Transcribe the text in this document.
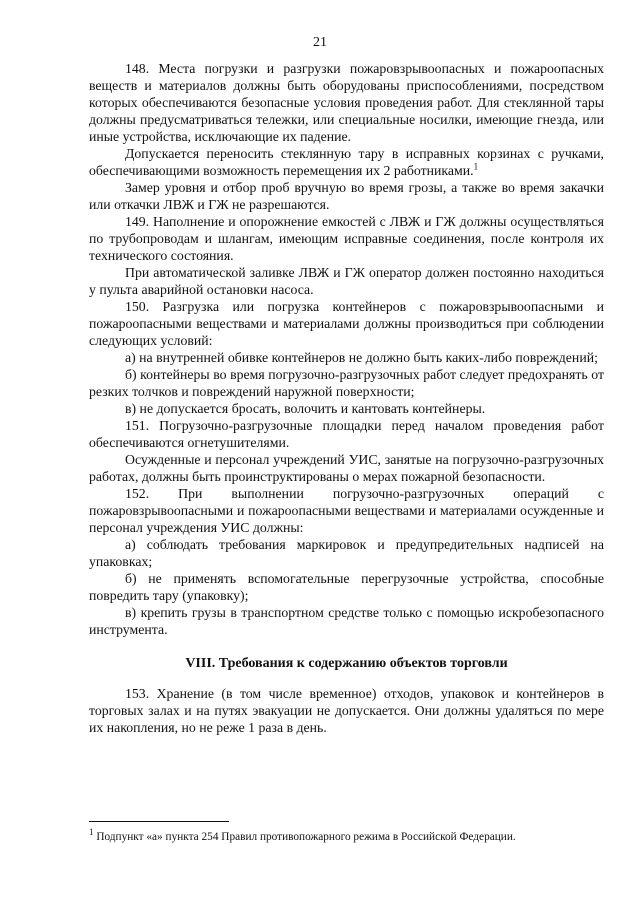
21

148. Места погрузки и разгрузки пожаровзрывоопасных и пожароопасных веществ и материалов должны быть оборудованы приспособлениями, посредством которых обеспечиваются безопасные условия проведения работ. Для стеклянной тары должны предусматриваться тележки, или специальные носилки, имеющие гнезда, или иные устройства, исключающие их падение.

Допускается переносить стеклянную тару в исправных корзинах с ручками, обеспечивающими возможность перемещения их 2 работниками.$^1$

Замер уровня и отбор проб вручную во время грозы, а также во время закачки или откачки ЛВЖ и ГЖ не разрешаются.

149. Наполнение и опорожнение емкостей с ЛВЖ и ГЖ должны осуществляться по трубопроводам и шлангам, имеющим исправные соединения, после контроля их технического состояния.

При автоматической заливке ЛВЖ и ГЖ оператор должен постоянно находиться у пульта аварийной остановки насоса.

150. Разгрузка или погрузка контейнеров с пожаровзрывоопасными и пожароопасными веществами и материалами должны производиться при соблюдении следующих условий:

а) на внутренней обивке контейнеров не должно быть каких-либо повреждений;

б) контейнеры во время погрузочно-разгрузочных работ следует предохранять от резких толчков и повреждений наружной поверхности;

в) не допускается бросать, волочить и кантовать контейнеры.

151. Погрузочно-разгрузочные площадки перед началом проведения работ обеспечиваются огнетушителями.

Осужденные и персонал учреждений УИС, занятые на погрузочно-разгрузочных работах, должны быть проинструктированы о мерах пожарной безопасности.

152. При выполнении погрузочно-разгрузочных операций с пожаровзрывоопасными и пожароопасными веществами и материалами осужденные и персонал учреждения УИС должны:

а) соблюдать требования маркировок и предупредительных надписей на упаковках;

б) не применять вспомогательные перегрузочные устройства, способные повредить тару (упаковку);

в) крепить грузы в транспортном средстве только с помощью искробезопасного инструмента.

VIII. Требования к содержанию объектов торговли

153. Хранение (в том числе временное) отходов, упаковок и контейнеров в торговых залах и на путях эвакуации не допускается. Они должны удаляться по мере их накопления, но не реже 1 раза в день.

$^1$ Подпункт «а» пункта 254 Правил противопожарного режима в Российской Федерации.
